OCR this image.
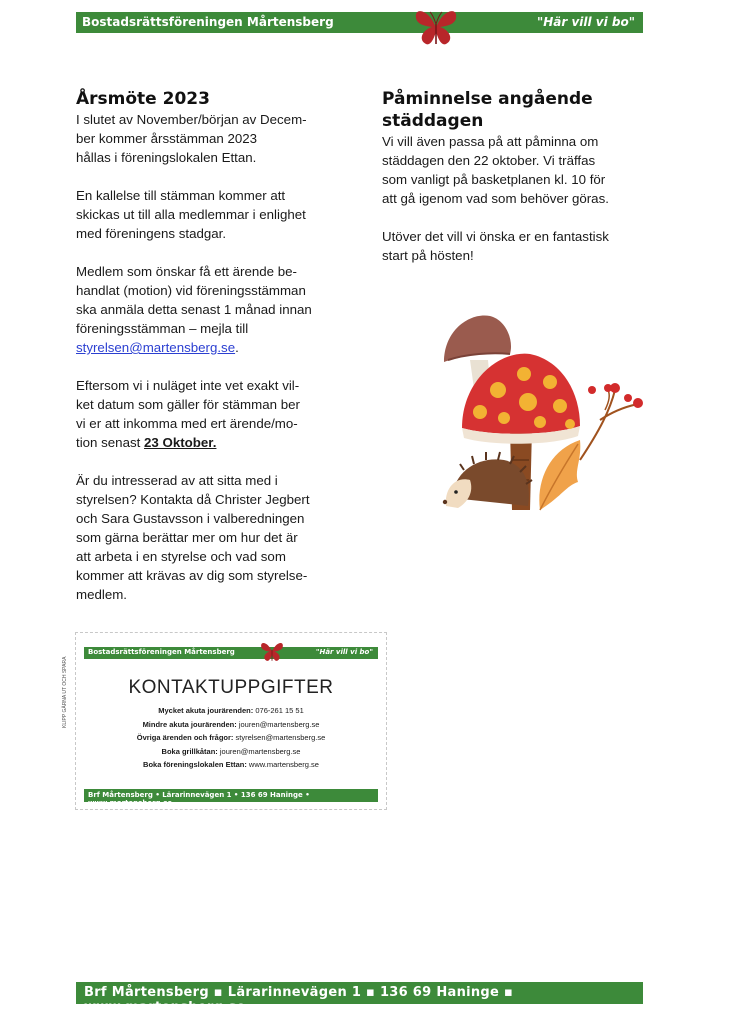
Bostadsrättsföreningen Mårtensberg	"Här vill vi bo"
Årsmöte 2023

I slutet av November/början av Decem-
ber kommer årsstämman 2023
hållas i föreningslokalen Ettan.

En kallelse till stämman kommer att
skickas ut till alla medlemmar i enlighet
med föreningens stadgar.

Medlem som önskar få ett ärende be-
handlat (motion) vid föreningsstämman
ska anmäla detta senast 1 månad innan
föreningsstämman – mejla till
styrelsen@martensberg.se.

Eftersom vi i nuläget inte vet exakt vil-
ket datum som gäller för stämman ber
vi er att inkomma med ert ärende/mo-
tion senast 23 Oktober.

Är du intresserad av att sitta med i
styrelsen? Kontakta då Christer Jegbert
och Sara Gustavsson i valberedningen
som gärna berättar mer om hur det är
att arbeta i en styrelse och vad som
kommer att krävas av dig som styrelse-
medlem.

Påminnelse angående
städdagen

Vi vill även passa på att påminna om
städdagen den 22 oktober. Vi träffas
som vanligt på basketplanen kl. 10 för
att gå igenom vad som behöver göras.

Utöver det vill vi önska er en fantastisk
start på hösten!

Bostadsrättsföreningen Mårtensberg	"Här vill vi bo"
KONTAKTUPPGIFTER
Mycket akuta jourärenden: 076-261 15 51
Mindre akuta jourärenden: jouren@martensberg.se
Övriga ärenden och frågor: styrelsen@martensberg.se
Boka grillkåtan: jouren@martensberg.se
Boka föreningslokalen Ettan: www.martensberg.se
Brf Mårtensberg • Lärarinnevägen 1 • 136 69 Haninge • www.martensberg.se
KLIPP GÄRNA UT OCH SPARA
Brf Mårtensberg ▪ Lärarinnevägen 1 ▪ 136 69 Haninge ▪ www.martensberg.se
